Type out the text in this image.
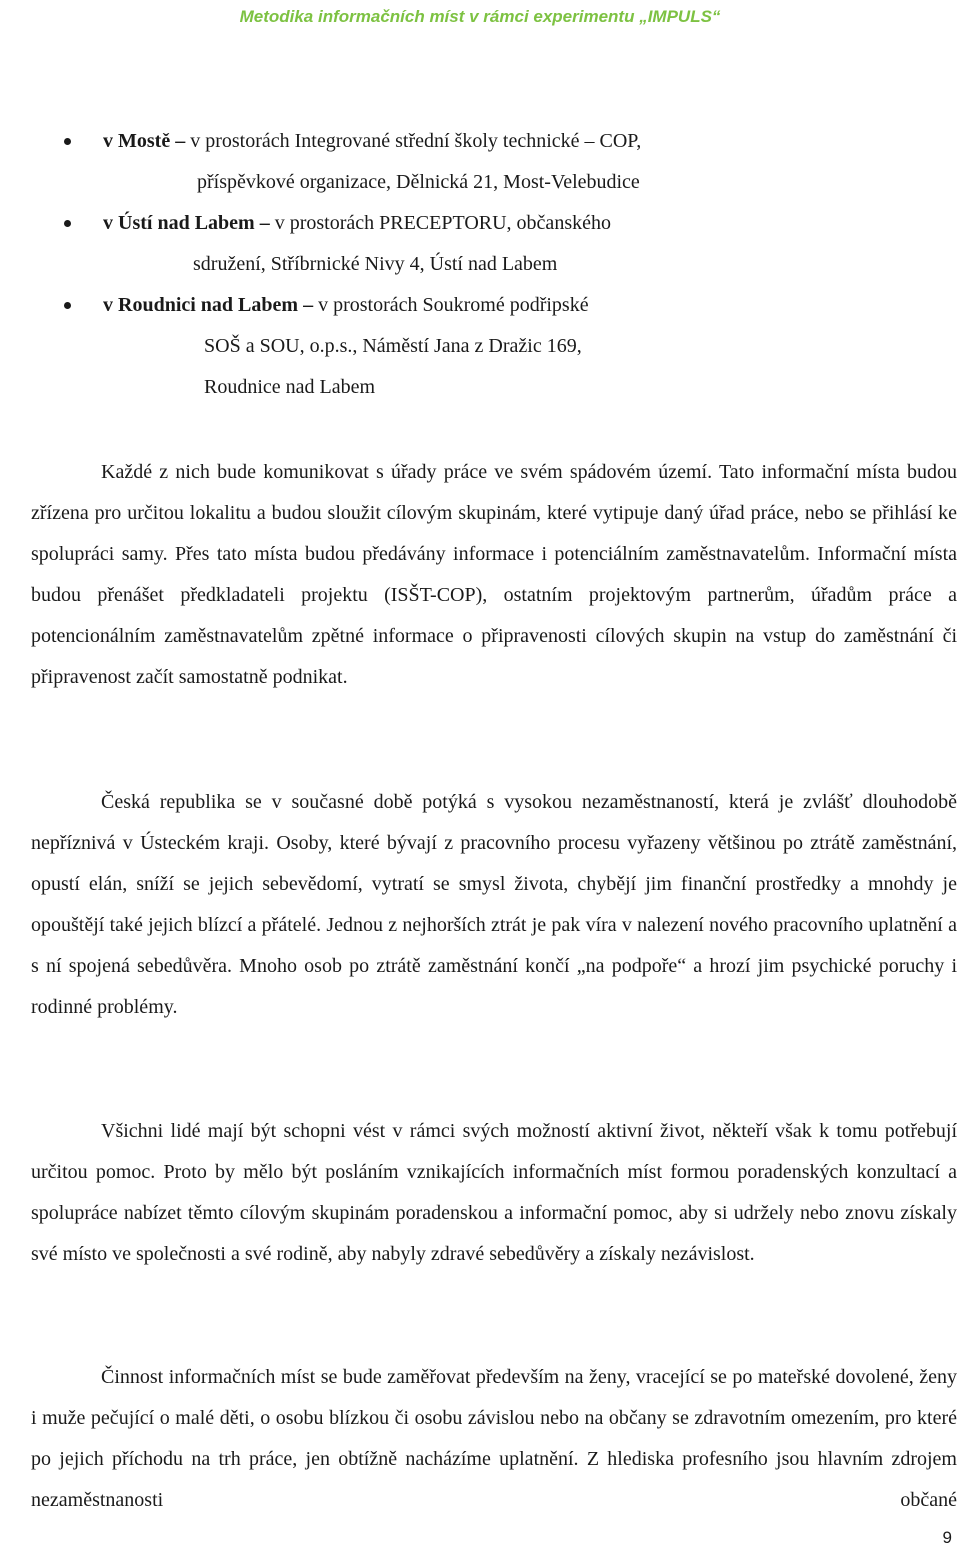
Metodika informačních míst v rámci experimentu „IMPULS“
v Mostě – v prostorách Integrované střední školy technické – COP,
příspěvkové organizace, Dělnická 21, Most-Velebudice
v Ústí nad Labem – v prostorách PRECEPTORU, občanského
sdružení, Stříbrnické Nivy 4, Ústí nad Labem
v Roudnici nad Labem – v prostorách Soukromé podřipské
SOŠ a SOU, o.p.s., Náměstí Jana z Dražic 169,
Roudnice nad Labem

Každé z nich bude komunikovat s úřady práce ve svém spádovém území. Tato informační místa budou zřízena pro určitou lokalitu a budou sloužit cílovým skupinám, které vytipuje daný úřad práce, nebo se přihlásí ke spolupráci samy. Přes tato místa budou předávány informace i potenciálním zaměstnavatelům. Informační místa budou přenášet předkladateli projektu (ISŠT-COP), ostatním projektovým partnerům, úřadům práce a potencionálním zaměstnavatelům zpětné informace o připravenosti cílových skupin na vstup do zaměstnání či připravenost začít samostatně podnikat.

Česká republika se v současné době potýká s vysokou nezaměstnaností, která je zvlášť dlouhodobě nepříznivá v Ústeckém kraji. Osoby, které bývají z pracovního procesu vyřazeny většinou po ztrátě zaměstnání, opustí elán, sníží se jejich sebevědomí, vytratí se smysl života, chybějí jim finanční prostředky a mnohdy je opouštějí také jejich blízcí a přátelé. Jednou z nejhorších ztrát je pak víra v nalezení nového pracovního uplatnění a s ní spojená sebedůvěra. Mnoho osob po ztrátě zaměstnání končí „na podpoře“ a hrozí jim psychické poruchy i rodinné problémy.

Všichni lidé mají být schopni vést v rámci svých možností aktivní život, někteří však k tomu potřebují určitou pomoc. Proto by mělo být posláním vznikajících informačních míst formou poradenských konzultací a spolupráce nabízet těmto cílovým skupinám poradenskou a informační pomoc, aby si udržely nebo znovu získaly své místo ve společnosti a své rodině, aby nabyly zdravé sebedůvěry a získaly nezávislost.

Činnost informačních míst se bude zaměřovat především na ženy, vracející se po mateřské dovolené, ženy i muže pečující o malé děti, o osobu blízkou či osobu závislou nebo na občany se zdravotním omezením, pro které po jejich příchodu na trh práce, jen obtížně nacházíme uplatnění. Z hlediska profesního jsou hlavním zdrojem nezaměstnanosti občané

9
